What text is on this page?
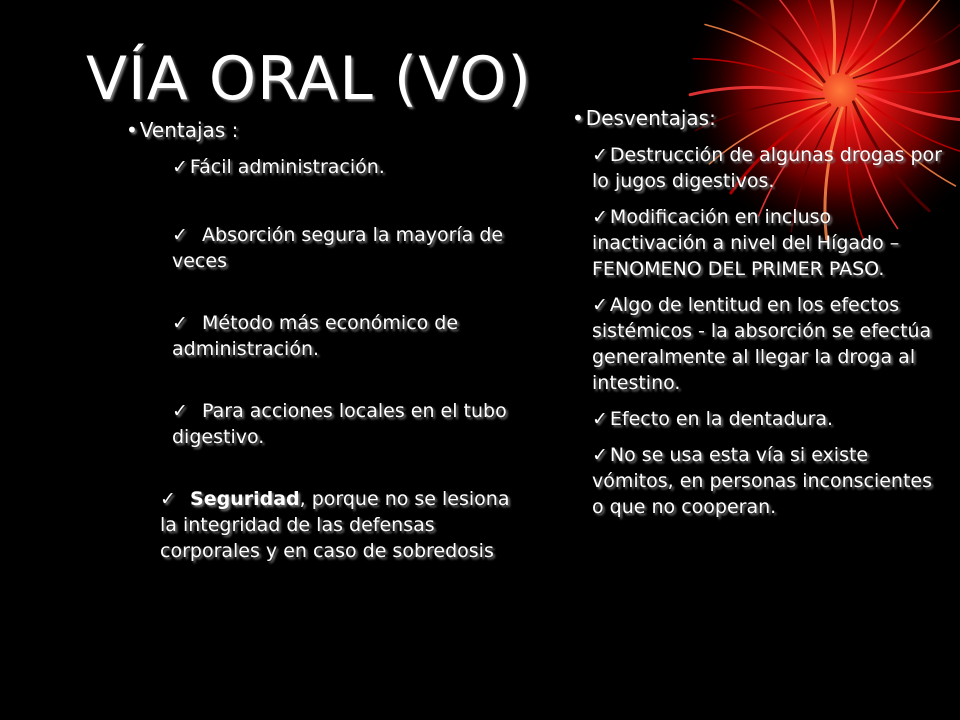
VÍA ORAL (VO)
• Ventajas :
✓ Fácil administración.
✓ Absorción segura la mayoría de veces
✓ Método más económico de administración.
✓ Para acciones locales en el tubo digestivo.
✓ Seguridad, porque no se lesiona la integridad de las defensas corporales y en caso de sobredosis
• Desventajas:
✓ Destrucción de algunas drogas por lo jugos digestivos.
✓ Modificación en incluso inactivación a nivel del Hígado – FENOMENO DEL PRIMER PASO.
✓ Algo de lentitud en los efectos sistémicos - la absorción se efectúa generalmente al llegar la droga al intestino.
✓ Efecto en la dentadura.
✓ No se usa esta vía si existe vómitos, en personas inconscientes o que no cooperan.
